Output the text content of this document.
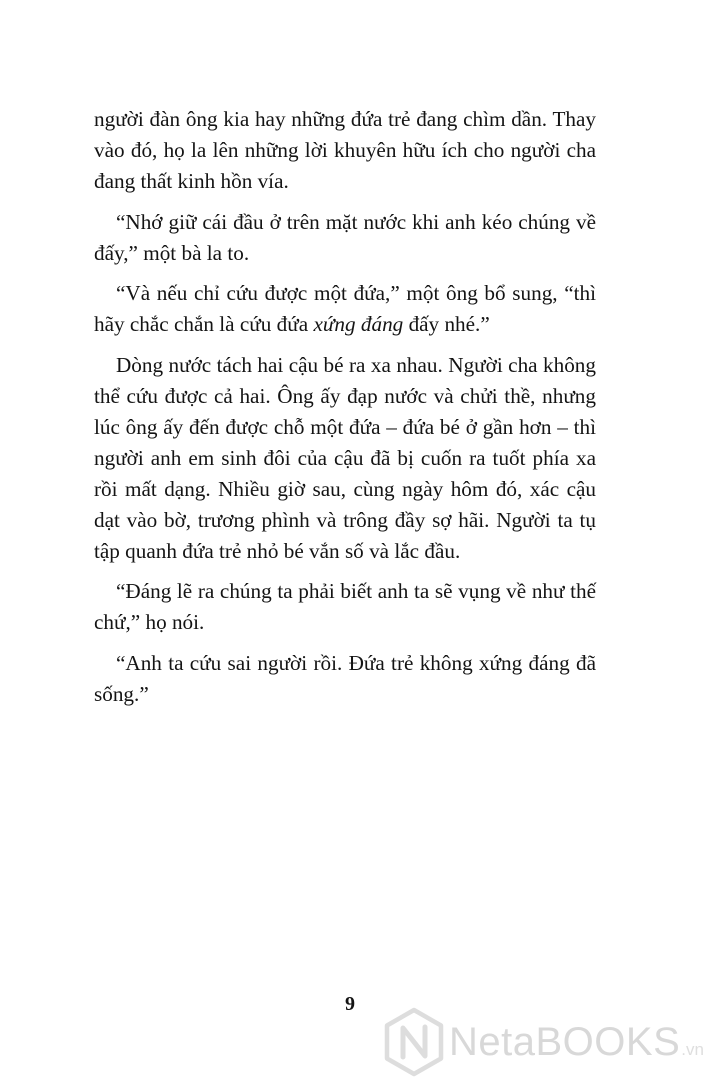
người đàn ông kia hay những đứa trẻ đang chìm dần. Thay vào đó, họ la lên những lời khuyên hữu ích cho người cha đang thất kinh hồn vía.

“Nhớ giữ cái đầu ở trên mặt nước khi anh kéo chúng về đấy,” một bà la to.

“Và nếu chỉ cứu được một đứa,” một ông bổ sung, “thì hãy chắc chắn là cứu đứa xứng đáng đấy nhé.”

Dòng nước tách hai cậu bé ra xa nhau. Người cha không thể cứu được cả hai. Ông ấy đạp nước và chửi thề, nhưng lúc ông ấy đến được chỗ một đứa – đứa bé ở gần hơn – thì người anh em sinh đôi của cậu đã bị cuốn ra tuốt phía xa rồi mất dạng. Nhiều giờ sau, cùng ngày hôm đó, xác cậu dạt vào bờ, trương phình và trông đầy sợ hãi. Người ta tụ tập quanh đứa trẻ nhỏ bé vắn số và lắc đầu.

“Đáng lẽ ra chúng ta phải biết anh ta sẽ vụng về như thế chứ,” họ nói.

“Anh ta cứu sai người rồi. Đứa trẻ không xứng đáng đã sống.”

9
NetaBOOKS .vn
